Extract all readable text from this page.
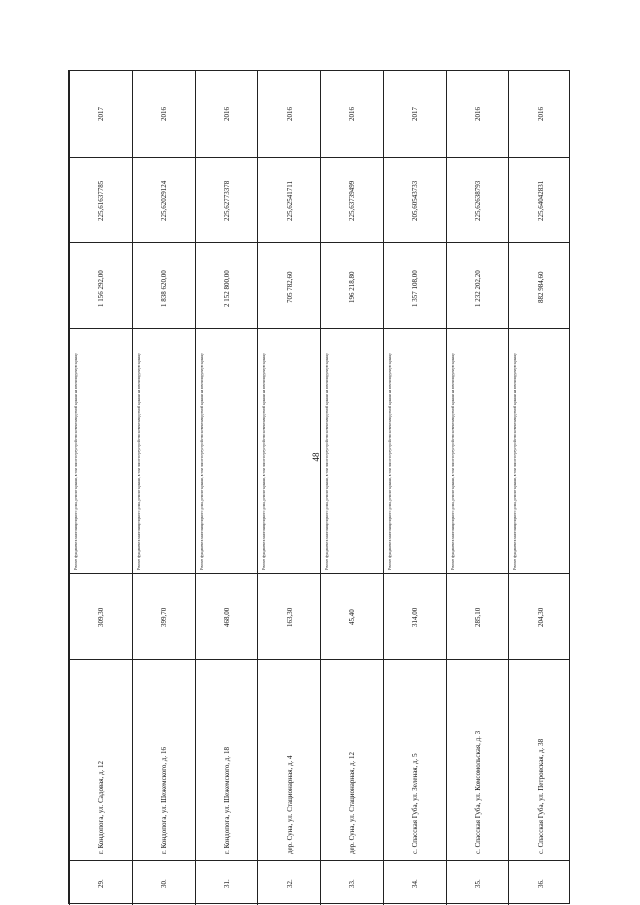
48
29.
г. Кондопога, ул. Садовая, д. 12
309,30
Ремонт фундамента многоквартирного дома, ремонт крыши, в том числе переустройство невентилируемой крыши на вентилируемую крышу
1 156 292,00
225,61637785
2017
30.
г. Кондопога, ул. Шежемского, д. 16
399,70
Ремонт фундамента многоквартирного дома, ремонт крыши, в том числе переустройство невентилируемой крыши на вентилируемую крышу
1 838 620,00
225,62029124
2016
31.
г. Кондопога, ул. Шежемского, д. 18
468,00
Ремонт фундамента многоквартирного дома, ремонт крыши, в том числе переустройство невентилируемой крыши на вентилируемую крышу
2 152 800,00
225,62773378
2016
32.
дер. Суна, ул. Стационарная, д. 4
163,30
Ремонт фундамента многоквартирного дома, ремонт крыши, в том числе переустройство невентилируемой крыши на вентилируемую крышу
705 782,60
225,62541711
2016
33.
дер. Суна, ул. Стационарная, д. 12
45,40
Ремонт фундамента многоквартирного дома, ремонт крыши, в том числе переустройство невентилируемой крыши на вентилируемую крышу
196 218,80
225,63739499
2016
34.
с. Спасская Губа, ул. Зеленая, д. 5
314,00
Ремонт фундамента многоквартирного дома, ремонт крыши, в том числе переустройство невентилируемой крыши на вентилируемую крышу
1 357 108,00
205,60543733
2017
35.
с. Спасская Губа, ул. Комсомольская, д. 3
285,10
Ремонт фундамента многоквартирного дома, ремонт крыши, в том числе переустройство невентилируемой крыши на вентилируемую крышу
1 232 202,20
225,62638793
2016
36.
с. Спасская Губа, ул. Петровская, д. 38
204,30
Ремонт фундамента многоквартирного дома, ремонт крыши, в том числе переустройство невентилируемой крыши на вентилируемую крышу
882 984,60
225,64042831
2016
